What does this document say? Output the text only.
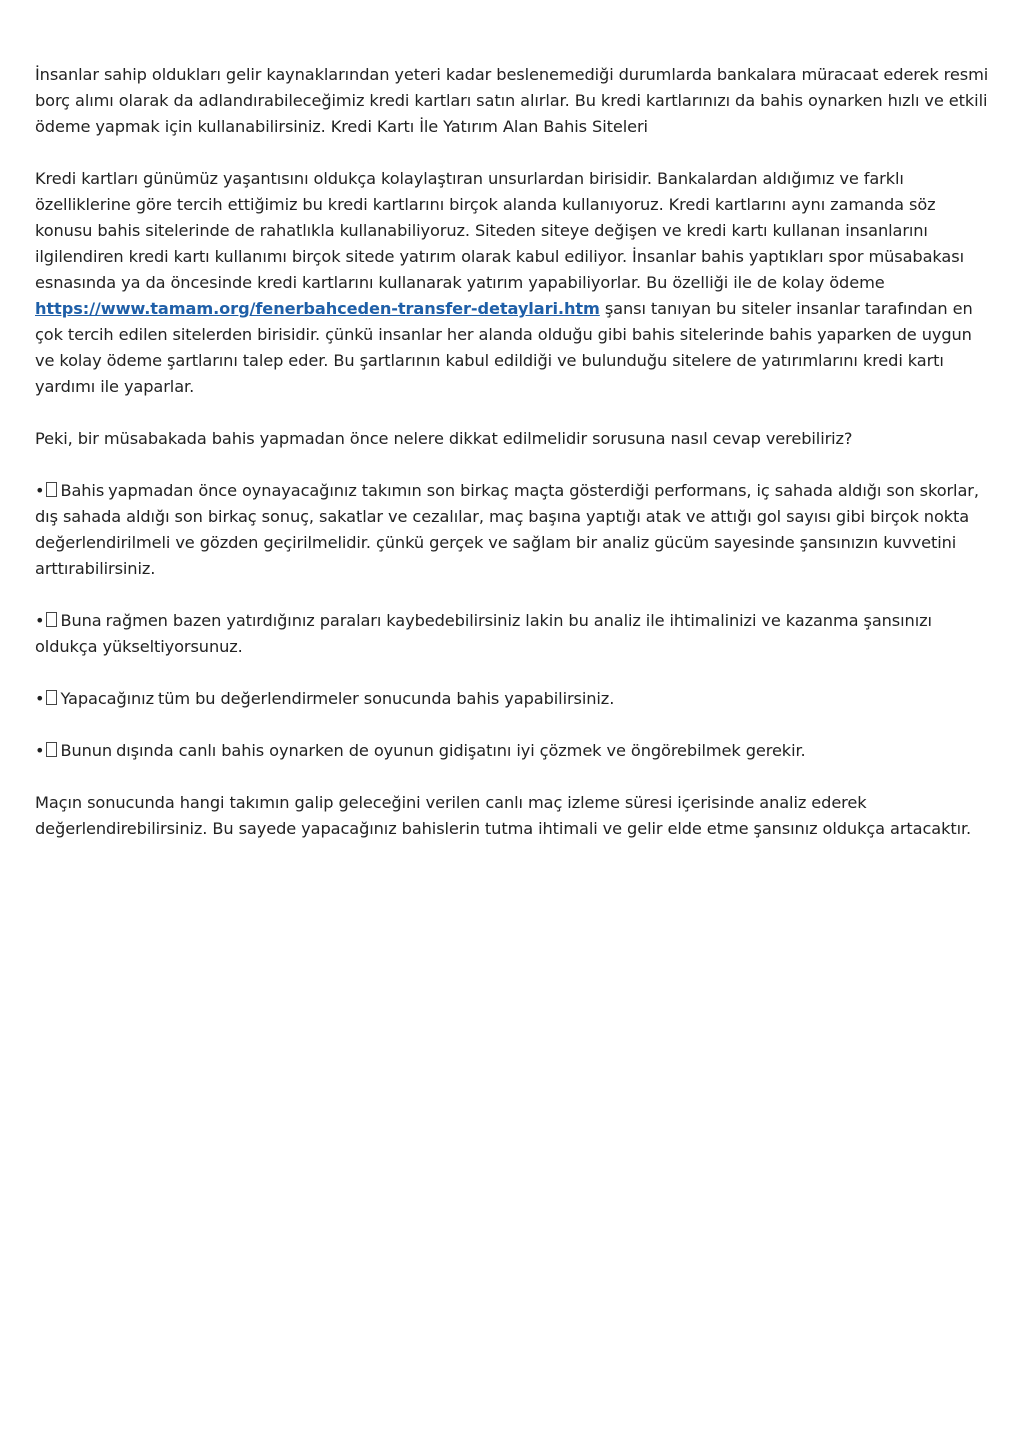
İnsanlar sahip oldukları gelir kaynaklarından yeteri kadar beslenemediği durumlarda bankalara müracaat ederek resmi borç alımı olarak da adlandırabileceğimiz kredi kartları satın alırlar. Bu kredi kartlarınızı da bahis oynarken hızlı ve etkili ödeme yapmak için kullanabilirsiniz. Kredi Kartı İle Yatırım Alan Bahis Siteleri

Kredi kartları günümüz yaşantısını oldukça kolaylaştıran unsurlardan birisidir. Bankalardan aldığımız ve farklı özelliklerine göre tercih ettiğimiz bu kredi kartlarını birçok alanda kullanıyoruz. Kredi kartlarını aynı zamanda söz konusu bahis sitelerinde de rahatlıkla kullanabiliyoruz. Siteden siteye değişen ve kredi kartı kullanan insanlarını ilgilendiren kredi kartı kullanımı birçok sitede yatırım olarak kabul ediliyor. İnsanlar bahis yaptıkları spor müsabakası esnasında ya da öncesinde kredi kartlarını kullanarak yatırım yapabiliyorlar. Bu özelliği ile de kolay ödeme https://www.tamam.org/fenerbahceden-transfer-detaylari.htm şansı tanıyan bu siteler insanlar tarafından en çok tercih edilen sitelerden birisidir. çünkü insanlar her alanda olduğu gibi bahis sitelerinde bahis yaparken de uygun ve kolay ödeme şartlarını talep eder. Bu şartlarının kabul edildiği ve bulunduğu sitelere de yatırımlarını kredi kartı yardımı ile yaparlar.

Peki, bir müsabakada bahis yapmadan önce nelere dikkat edilmelidir sorusuna nasıl cevap verebiliriz?

• Bahis yapmadan önce oynayacağınız takımın son birkaç maçta gösterdiği performans, iç sahada aldığı son skorlar, dış sahada aldığı son birkaç sonuç, sakatlar ve cezalılar, maç başına yaptığı atak ve attığı gol sayısı gibi birçok nokta değerlendirilmeli ve gözden geçirilmelidir. çünkü gerçek ve sağlam bir analiz gücüm sayesinde şansınızın kuvvetini arttırabilirsiniz.

• Buna rağmen bazen yatırdığınız paraları kaybedebilirsiniz lakin bu analiz ile ihtimalinizi ve kazanma şansınızı oldukça yükseltiyorsunuz.

• Yapacağınız tüm bu değerlendirmeler sonucunda bahis yapabilirsiniz.

• Bunun dışında canlı bahis oynarken de oyunun gidişatını iyi çözmek ve öngörebilmek gerekir.

Maçın sonucunda hangi takımın galip geleceğini verilen canlı maç izleme süresi içerisinde analiz ederek değerlendirebilirsiniz. Bu sayede yapacağınız bahislerin tutma ihtimali ve gelir elde etme şansınız oldukça artacaktır.
